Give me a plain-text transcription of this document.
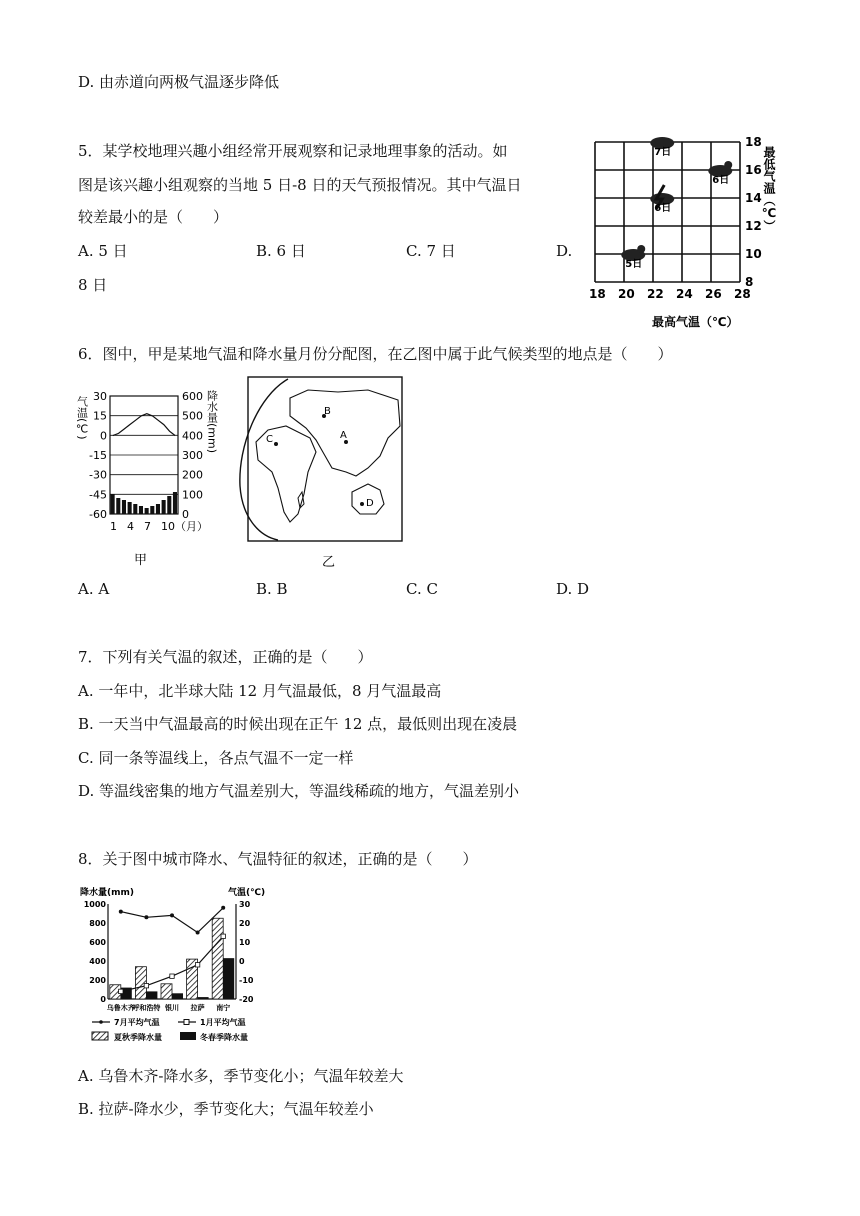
D. 由赤道向两极气温逐步降低
5．某学校地理兴趣小组经常开展观察和记录地理事象的活动。如
图是该兴趣小组观察的当地 5 日-8 日的天气预报情况。其中气温日
较差最小的是（　　）
A. 5 日	B. 6 日	C. 7 日	D.
8 日	18 20 22 24 26 28
8
10
12
14
16
18
5日
6日
7日
6日
最高气温（℃）
最低气温（℃）
6．图中，甲是某地气温和降水量月份分配图，在乙图中属于此气候类型的地点是（　　）
30
15
0
-15
-30
-45
-60
600
500
400
300
200
100
0
1 4 7 10（月）
气温(℃)	降水量(mm)
甲
B
A
C
D
乙
A. A	B. B	C. C	D. D
7．下列有关气温的叙述，正确的是（　　）
A. 一年中，北半球大陆 12 月气温最低，8 月气温最高
B. 一天当中气温最高的时候出现在正午 12 点，最低则出现在凌晨
C. 同一条等温线上，各点气温不一定一样
D. 等温线密集的地方气温差别大，等温线稀疏的地方，气温差别小
8．关于图中城市降水、气温特征的叙述，正确的是（　　）
降水量(mm)	气温(℃)
1000
800
600
400
200
0
30
20
10
0
-10
-20
乌鲁木齐
呼和浩特 银川 拉萨 南宁
7月平均气温	1月平均气温
夏秋季降水量	冬春季降水量
A. 乌鲁木齐-降水多，季节变化小；气温年较差大
B. 拉萨-降水少，季节变化大；气温年较差小
